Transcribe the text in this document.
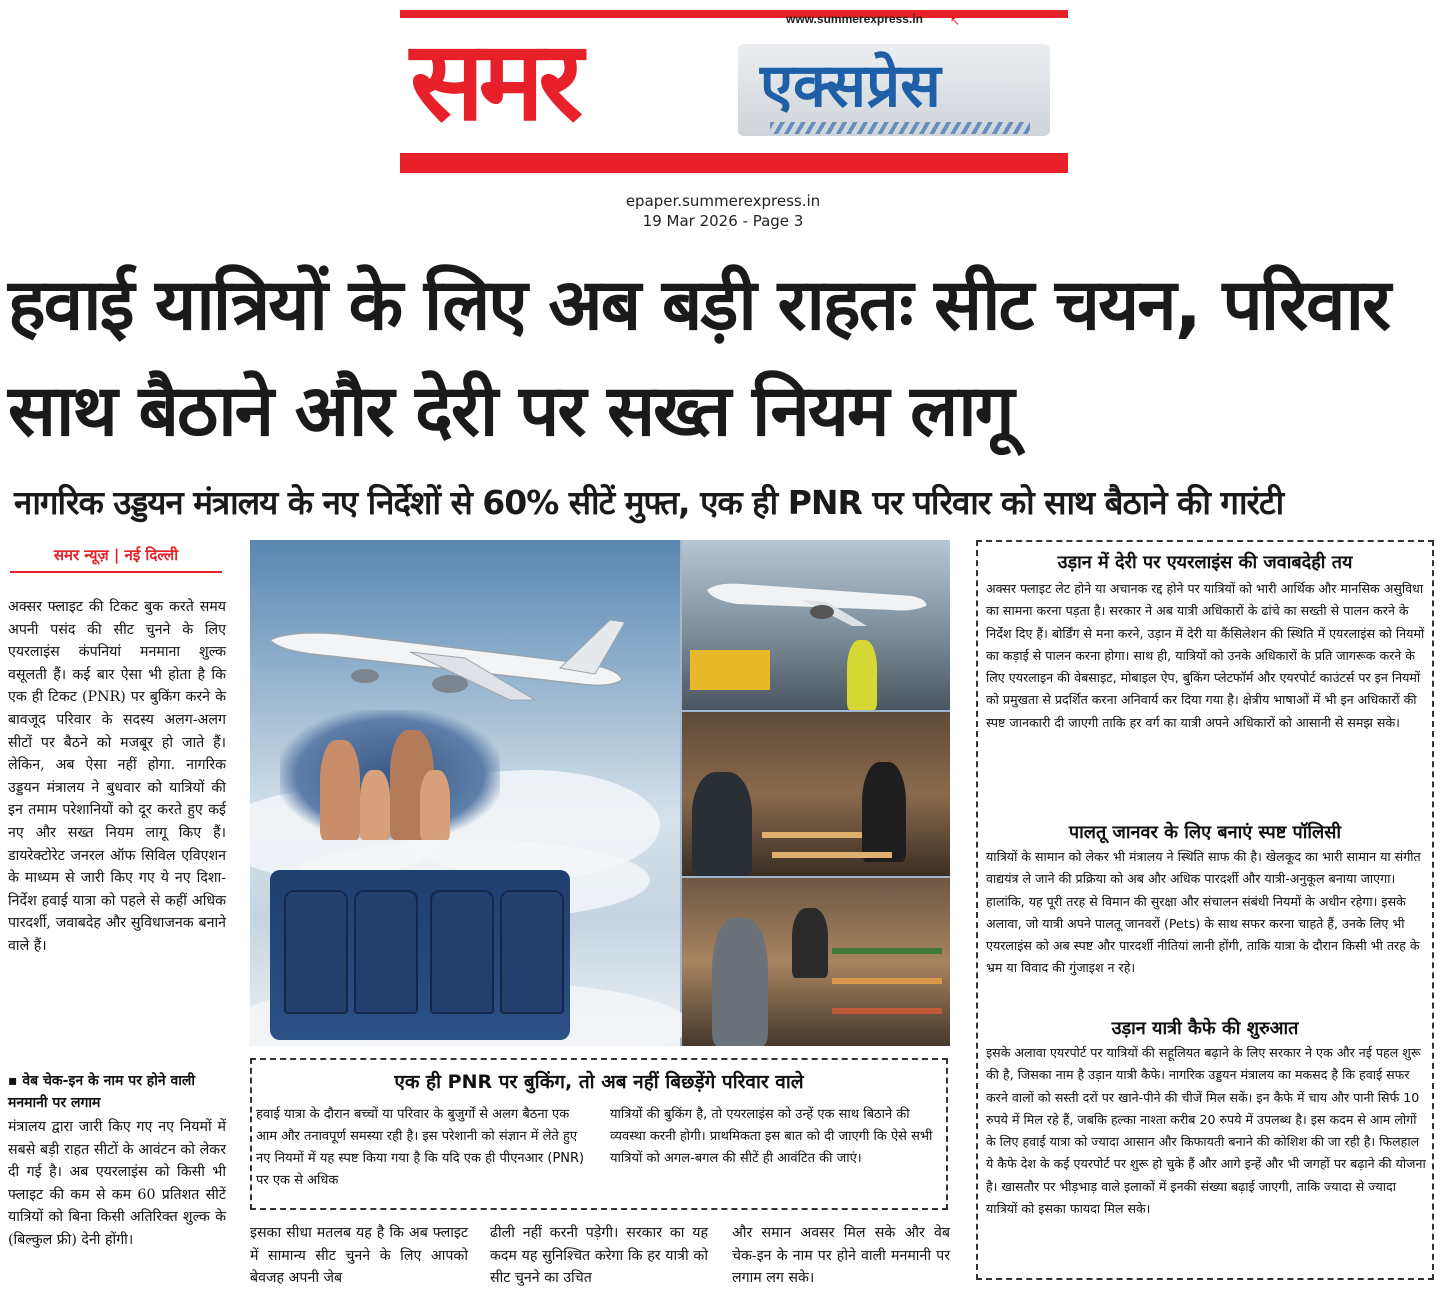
समर	एक्सप्रेस
www.summerexpress.in ↖
epaper.summerexpress.in
19 Mar 2026 - Page 3
हवाई यात्रियों के लिए अब बड़ी राहतः सीट चयन, परिवार साथ बैठाने और देरी पर सख्त नियम लागू
नागरिक उड्डयन मंत्रालय के नए निर्देशों से 60% सीटें मुफ्त, एक ही PNR पर परिवार को साथ बैठाने की गारंटी
समर न्यूज़ | नई दिल्ली
अक्सर फ्लाइट की टिकट बुक करते समय अपनी पसंद की सीट चुनने के लिए एयरलाइंस कंपनियां मनमाना शुल्क वसूलती हैं। कई बार ऐसा भी होता है कि एक ही टिकट (PNR) पर बुकिंग करने के बावजूद परिवार के सदस्य अलग-अलग सीटों पर बैठने को मजबूर हो जाते हैं। लेकिन, अब ऐसा नहीं होगा. नागरिक उड्डयन मंत्रालय ने बुधवार को यात्रियों की इन तमाम परेशानियों को दूर करते हुए कई नए और सख्त नियम लागू किए हैं। डायरेक्टोरेट जनरल ऑफ सिविल एविएशन के माध्यम से जारी किए गए ये नए दिशा-निर्देश हवाई यात्रा को पहले से कहीं अधिक पारदर्शी, जवाबदेह और सुविधाजनक बनाने वाले हैं।
▪ वेब चेक-इन के नाम पर होने वाली मनमानी पर लगाम
मंत्रालय द्वारा जारी किए गए नए नियमों में सबसे बड़ी राहत सीटों के आवंटन को लेकर दी गई है। अब एयरलाइंस को किसी भी फ्लाइट की कम से कम 60 प्रतिशत सीटें यात्रियों को बिना किसी अतिरिक्त शुल्क के (बिल्कुल फ्री) देनी होंगी।
एक ही PNR पर बुकिंग, तो अब नहीं बिछड़ेंगे परिवार वाले
हवाई यात्रा के दौरान बच्चों या परिवार के बुजुर्गों से अलग बैठना एक आम और तनावपूर्ण समस्या रही है। इस परेशानी को संज्ञान में लेते हुए नए नियमों में यह स्पष्ट किया गया है कि यदि एक ही पीएनआर (PNR) पर एक से अधिक
यात्रियों की बुकिंग है, तो एयरलाइंस को उन्हें एक साथ बिठाने की व्यवस्था करनी होगी। प्राथमिकता इस बात को दी जाएगी कि ऐसे सभी यात्रियों को अगल-बगल की सीटें ही आवंटित की जाएं।
इसका सीधा मतलब यह है कि अब फ्लाइट में सामान्य सीट चुनने के लिए आपको बेवजह अपनी जेब
ढीली नहीं करनी पड़ेगी। सरकार का यह कदम यह सुनिश्चित करेगा कि हर यात्री को सीट चुनने का उचित
और समान अवसर मिल सके और वेब चेक-इन के नाम पर होने वाली मनमानी पर लगाम लग सके।
उड़ान में देरी पर एयरलाइंस की जवाबदेही तय
अक्सर फ्लाइट लेट होने या अचानक रद्द होने पर यात्रियों को भारी आर्थिक और मानसिक असुविधा का सामना करना पड़ता है। सरकार ने अब यात्री अधिकारों के ढांचे का सख्ती से पालन करने के निर्देश दिए हैं। बोर्डिंग से मना करने, उड़ान में देरी या कैंसिलेशन की स्थिति में एयरलाइंस को नियमों का कड़ाई से पालन करना होगा। साथ ही, यात्रियों को उनके अधिकारों के प्रति जागरूक करने के लिए एयरलाइन की वेबसाइट, मोबाइल ऐप, बुकिंग प्लेटफॉर्म और एयरपोर्ट काउंटर्स पर इन नियमों को प्रमुखता से प्रदर्शित करना अनिवार्य कर दिया गया है। क्षेत्रीय भाषाओं में भी इन अधिकारों की स्पष्ट जानकारी दी जाएगी ताकि हर वर्ग का यात्री अपने अधिकारों को आसानी से समझ सके।
पालतू जानवर के लिए बनाएं स्पष्ट पॉलिसी
यात्रियों के सामान को लेकर भी मंत्रालय ने स्थिति साफ की है। खेलकूद का भारी सामान या संगीत वाद्ययंत्र ले जाने की प्रक्रिया को अब और अधिक पारदर्शी और यात्री-अनुकूल बनाया जाएगा। हालांकि, यह पूरी तरह से विमान की सुरक्षा और संचालन संबंधी नियमों के अधीन रहेगा। इसके अलावा, जो यात्री अपने पालतू जानवरों (Pets) के साथ सफर करना चाहते हैं, उनके लिए भी एयरलाइंस को अब स्पष्ट और पारदर्शी नीतियां लानी होंगी, ताकि यात्रा के दौरान किसी भी तरह के भ्रम या विवाद की गुंजाइश न रहे।
उड़ान यात्री कैफे की शुरुआत
इसके अलावा एयरपोर्ट पर यात्रियों की सहूलियत बढ़ाने के लिए सरकार ने एक और नई पहल शुरू की है, जिसका नाम है उड़ान यात्री कैफे। नागरिक उड्डयन मंत्रालय का मकसद है कि हवाई सफर करने वालों को सस्ती दरों पर खाने-पीने की चीजें मिल सकें। इन कैफे में चाय और पानी सिर्फ 10 रुपये में मिल रहे हैं, जबकि हल्का नाश्ता करीब 20 रुपये में उपलब्ध है। इस कदम से आम लोगों के लिए हवाई यात्रा को ज्यादा आसान और किफायती बनाने की कोशिश की जा रही है। फिलहाल ये कैफे देश के कई एयरपोर्ट पर शुरू हो चुके हैं और आगे इन्हें और भी जगहों पर बढ़ाने की योजना है। खासतौर पर भीड़भाड़ वाले इलाकों में इनकी संख्या बढ़ाई जाएगी, ताकि ज्यादा से ज्यादा यात्रियों को इसका फायदा मिल सके।
